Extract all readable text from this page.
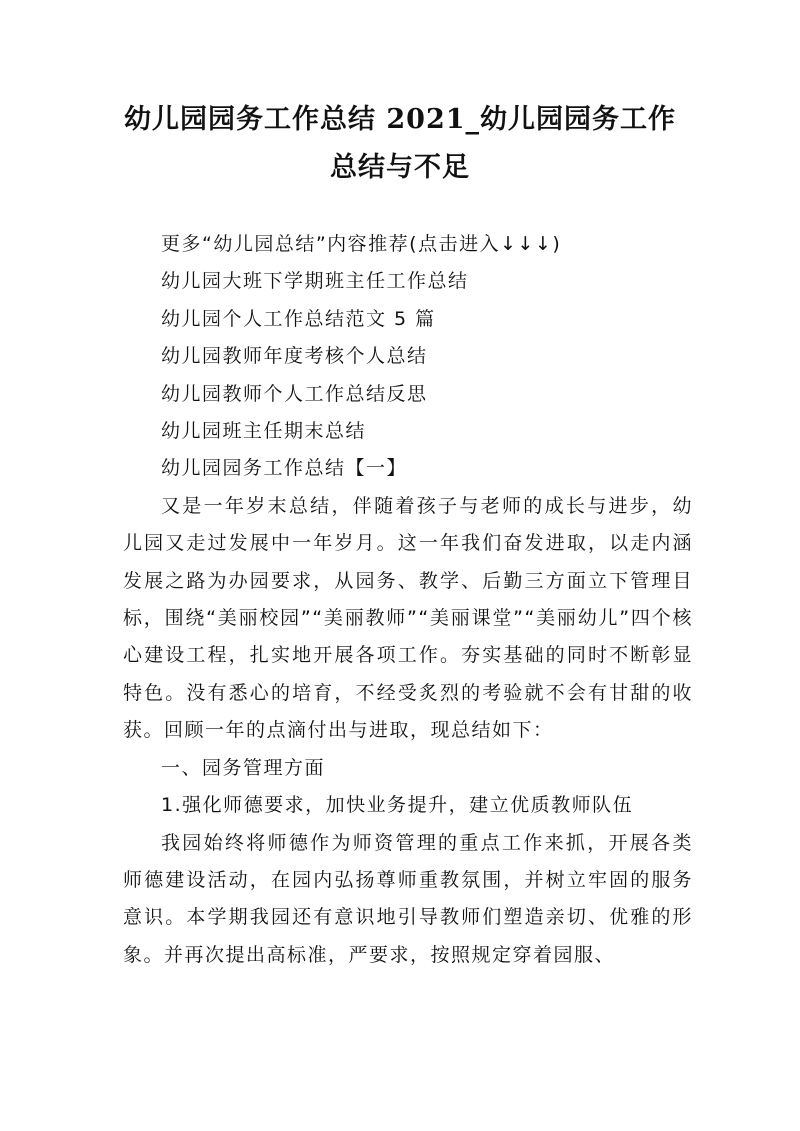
幼儿园园务工作总结 2021_幼儿园园务工作
总结与不足

更多“幼儿园总结”内容推荐(点击进入↓↓↓)

幼儿园大班下学期班主任工作总结

幼儿园个人工作总结范文 5 篇

幼儿园教师年度考核个人总结

幼儿园教师个人工作总结反思

幼儿园班主任期末总结

幼儿园园务工作总结【一】

又是一年岁末总结，伴随着孩子与老师的成长与进步，幼儿园又走过发展中一年岁月。这一年我们奋发进取，以走内涵发展之路为办园要求，从园务、教学、后勤三方面立下管理目标，围绕“美丽校园”“美丽教师”“美丽课堂”“美丽幼儿”四个核心建设工程，扎实地开展各项工作。夯实基础的同时不断彰显特色。没有悉心的培育，不经受炙烈的考验就不会有甘甜的收获。回顾一年的点滴付出与进取，现总结如下：

一、园务管理方面

1.强化师德要求，加快业务提升，建立优质教师队伍

我园始终将师德作为师资管理的重点工作来抓，开展各类师德建设活动，在园内弘扬尊师重教氛围，并树立牢固的服务意识。本学期我园还有意识地引导教师们塑造亲切、优雅的形象。并再次提出高标准，严要求，按照规定穿着园服、
